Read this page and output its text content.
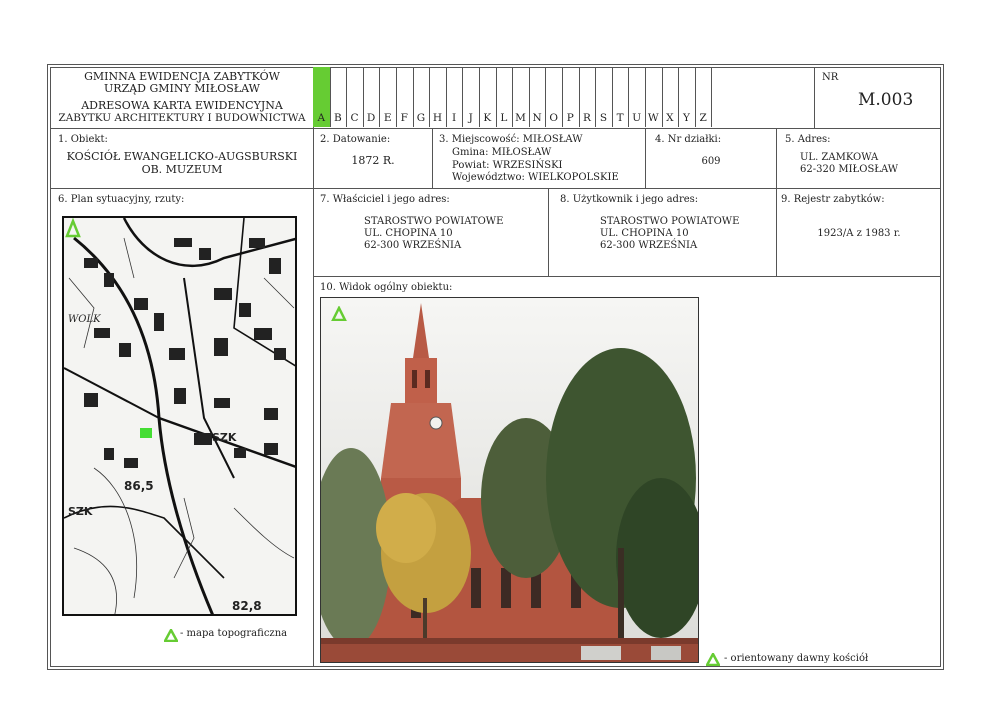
GMINNA EWIDENCJA ZABYTKÓW
URZĄD GMINY MIŁOSŁAW
ADRESOWA KARTA EWIDENCYJNA
ZABYTKU ARCHITEKTURY I BUDOWNICTWA	A B C D E F G H I	J	K L M N O P R S T U W X Y Z
NR
M.003
1. Obiekt:
KOŚCIÓŁ EWANGELICKO-AUGSBURSKI
OB. MUZEUM
2. Datowanie:
1872 R.
3. Miejscowość: MIŁOSŁAW
Gmina: MIŁOSŁAW
Powiat: WRZESIŃSKI
Województwo: WIELKOPOLSKIE
4. Nr działki:
609
5. Adres:
UL. ZAMKOWA
62-320 MIŁOSŁAW
6. Plan sytuacyjny, rzuty:	7. Właściciel i jego adres:
STAROSTWO POWIATOWE
UL. CHOPINA 10
62-300 WRZEŚNIA
8. Użytkownik i jego adres:
STAROSTWO POWIATOWE
UL. CHOPINA 10
62-300 WRZEŚNIA
9. Rejestr zabytków:
1923/A z 1983 r.
10. Widok ogólny obiektu:
WOLK
SZK
SZK
86,5
82,8
- mapa topograficzna
- orientowany dawny kościół
